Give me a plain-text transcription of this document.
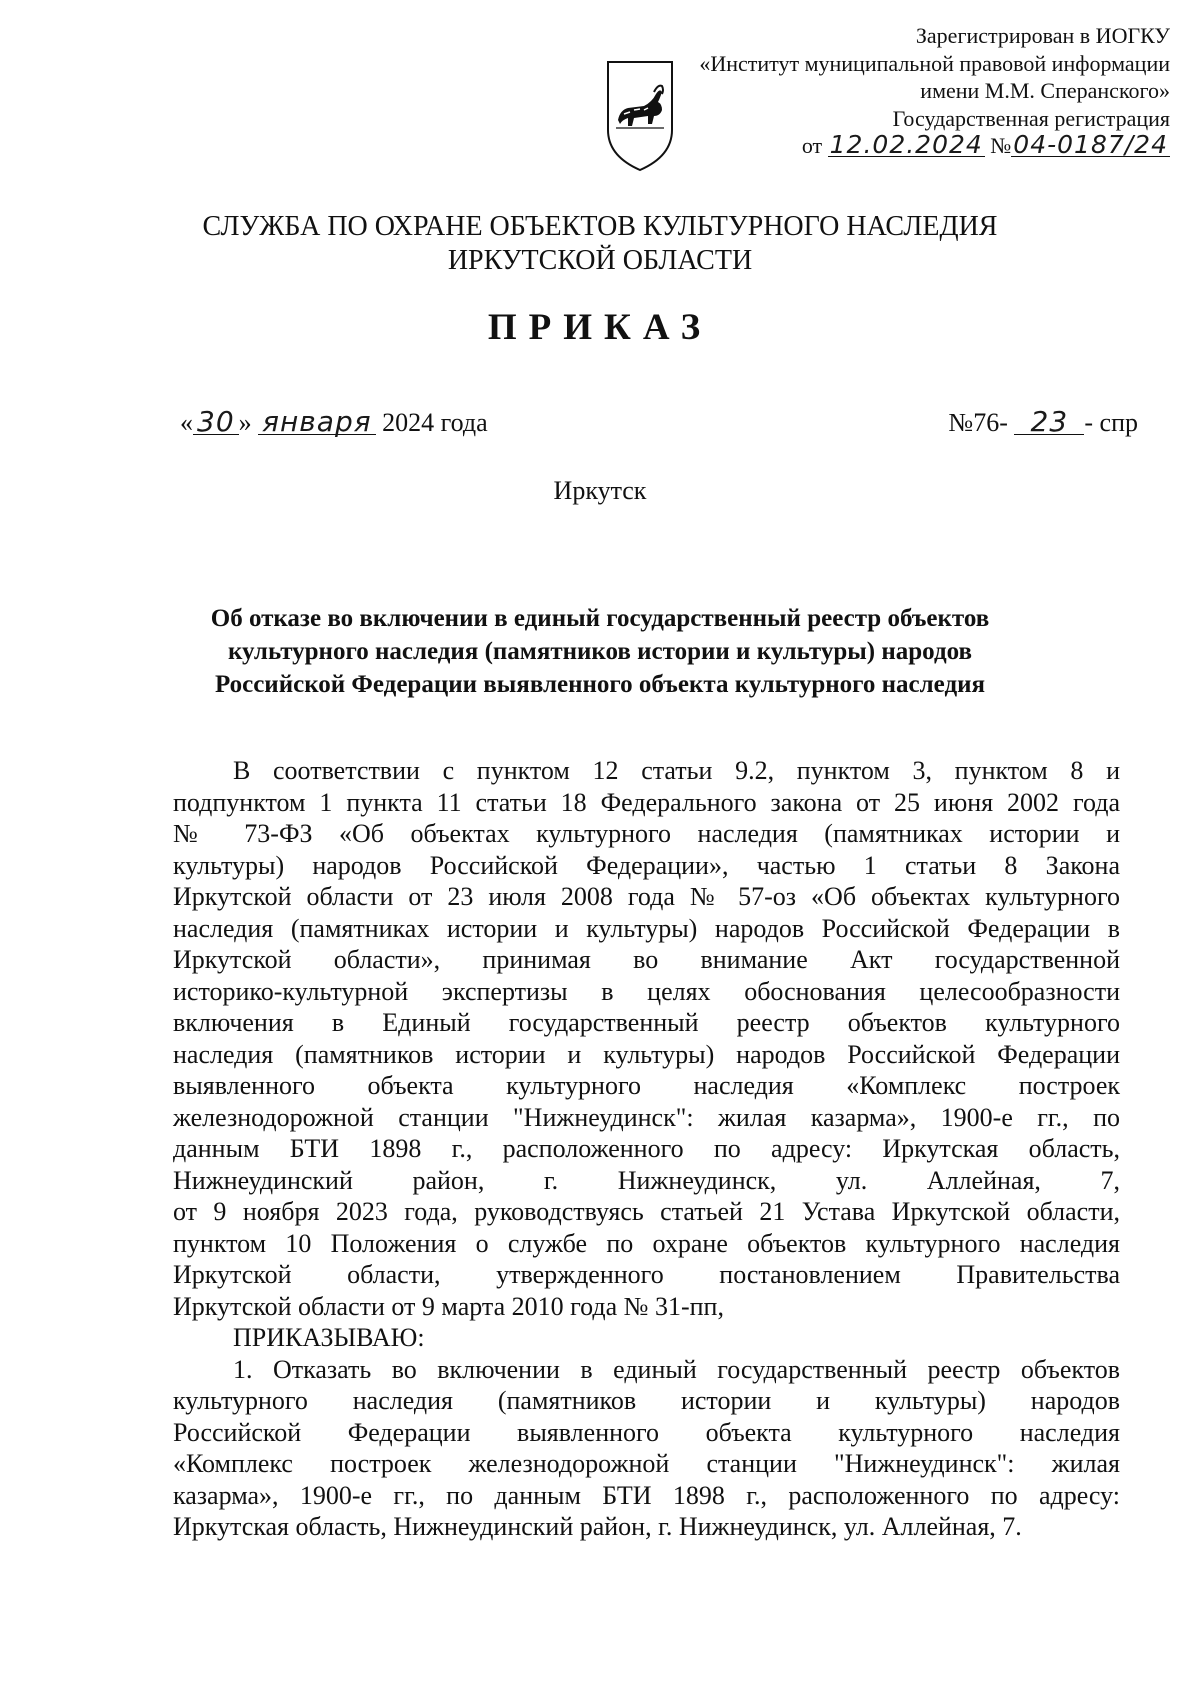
Зарегистрирован в ИОГКУ
«Институт муниципальной правовой информации
имени М.М. Сперанского»
Государственная регистрация
от 12.02.2024 №04-0187/24
СЛУЖБА ПО ОХРАНЕ ОБЪЕКТОВ КУЛЬТУРНОГО НАСЛЕДИЯ
ИРКУТСКОЙ ОБЛАСТИ
ПРИКАЗ
« 30 » января 2024 года	№76- 23 - спр
Иркутск
Об отказе во включении в единый государственный реестр объектов
культурного наследия (памятников истории и культуры) народов
Российской Федерации выявленного объекта культурного наследия
В соответствии с пунктом 12 статьи 9.2, пунктом 3, пунктом 8 и
подпунктом 1 пункта 11 статьи 18 Федерального закона от 25 июня 2002 года
№ 73-ФЗ «Об объектах культурного наследия (памятниках истории и
культуры) народов Российской Федерации», частью 1 статьи 8 Закона
Иркутской области от 23 июля 2008 года № 57-оз «Об объектах культурного
наследия (памятниках истории и культуры) народов Российской Федерации в
Иркутской области», принимая во внимание Акт государственной
историко-культурной экспертизы в целях обоснования целесообразности
включения в Единый государственный реестр объектов культурного
наследия (памятников истории и культуры) народов Российской Федерации
выявленного объекта культурного наследия «Комплекс построек
железнодорожной станции "Нижнеудинск": жилая казарма», 1900-е гг., по
данным БТИ 1898 г., расположенного по адресу: Иркутская область,
Нижнеудинский район, г. Нижнеудинск, ул. Аллейная, 7,
от 9 ноября 2023 года, руководствуясь статьей 21 Устава Иркутской области,
пунктом 10 Положения о службе по охране объектов культурного наследия
Иркутской области, утвержденного постановлением Правительства
Иркутской области от 9 марта 2010 года № 31-пп,
ПРИКАЗЫВАЮ:
1. Отказать во включении в единый государственный реестр объектов
культурного наследия (памятников истории и культуры) народов
Российской Федерации выявленного объекта культурного наследия
«Комплекс построек железнодорожной станции "Нижнеудинск": жилая
казарма», 1900-е гг., по данным БТИ 1898 г., расположенного по адресу:
Иркутская область, Нижнеудинский район, г. Нижнеудинск, ул. Аллейная, 7.
